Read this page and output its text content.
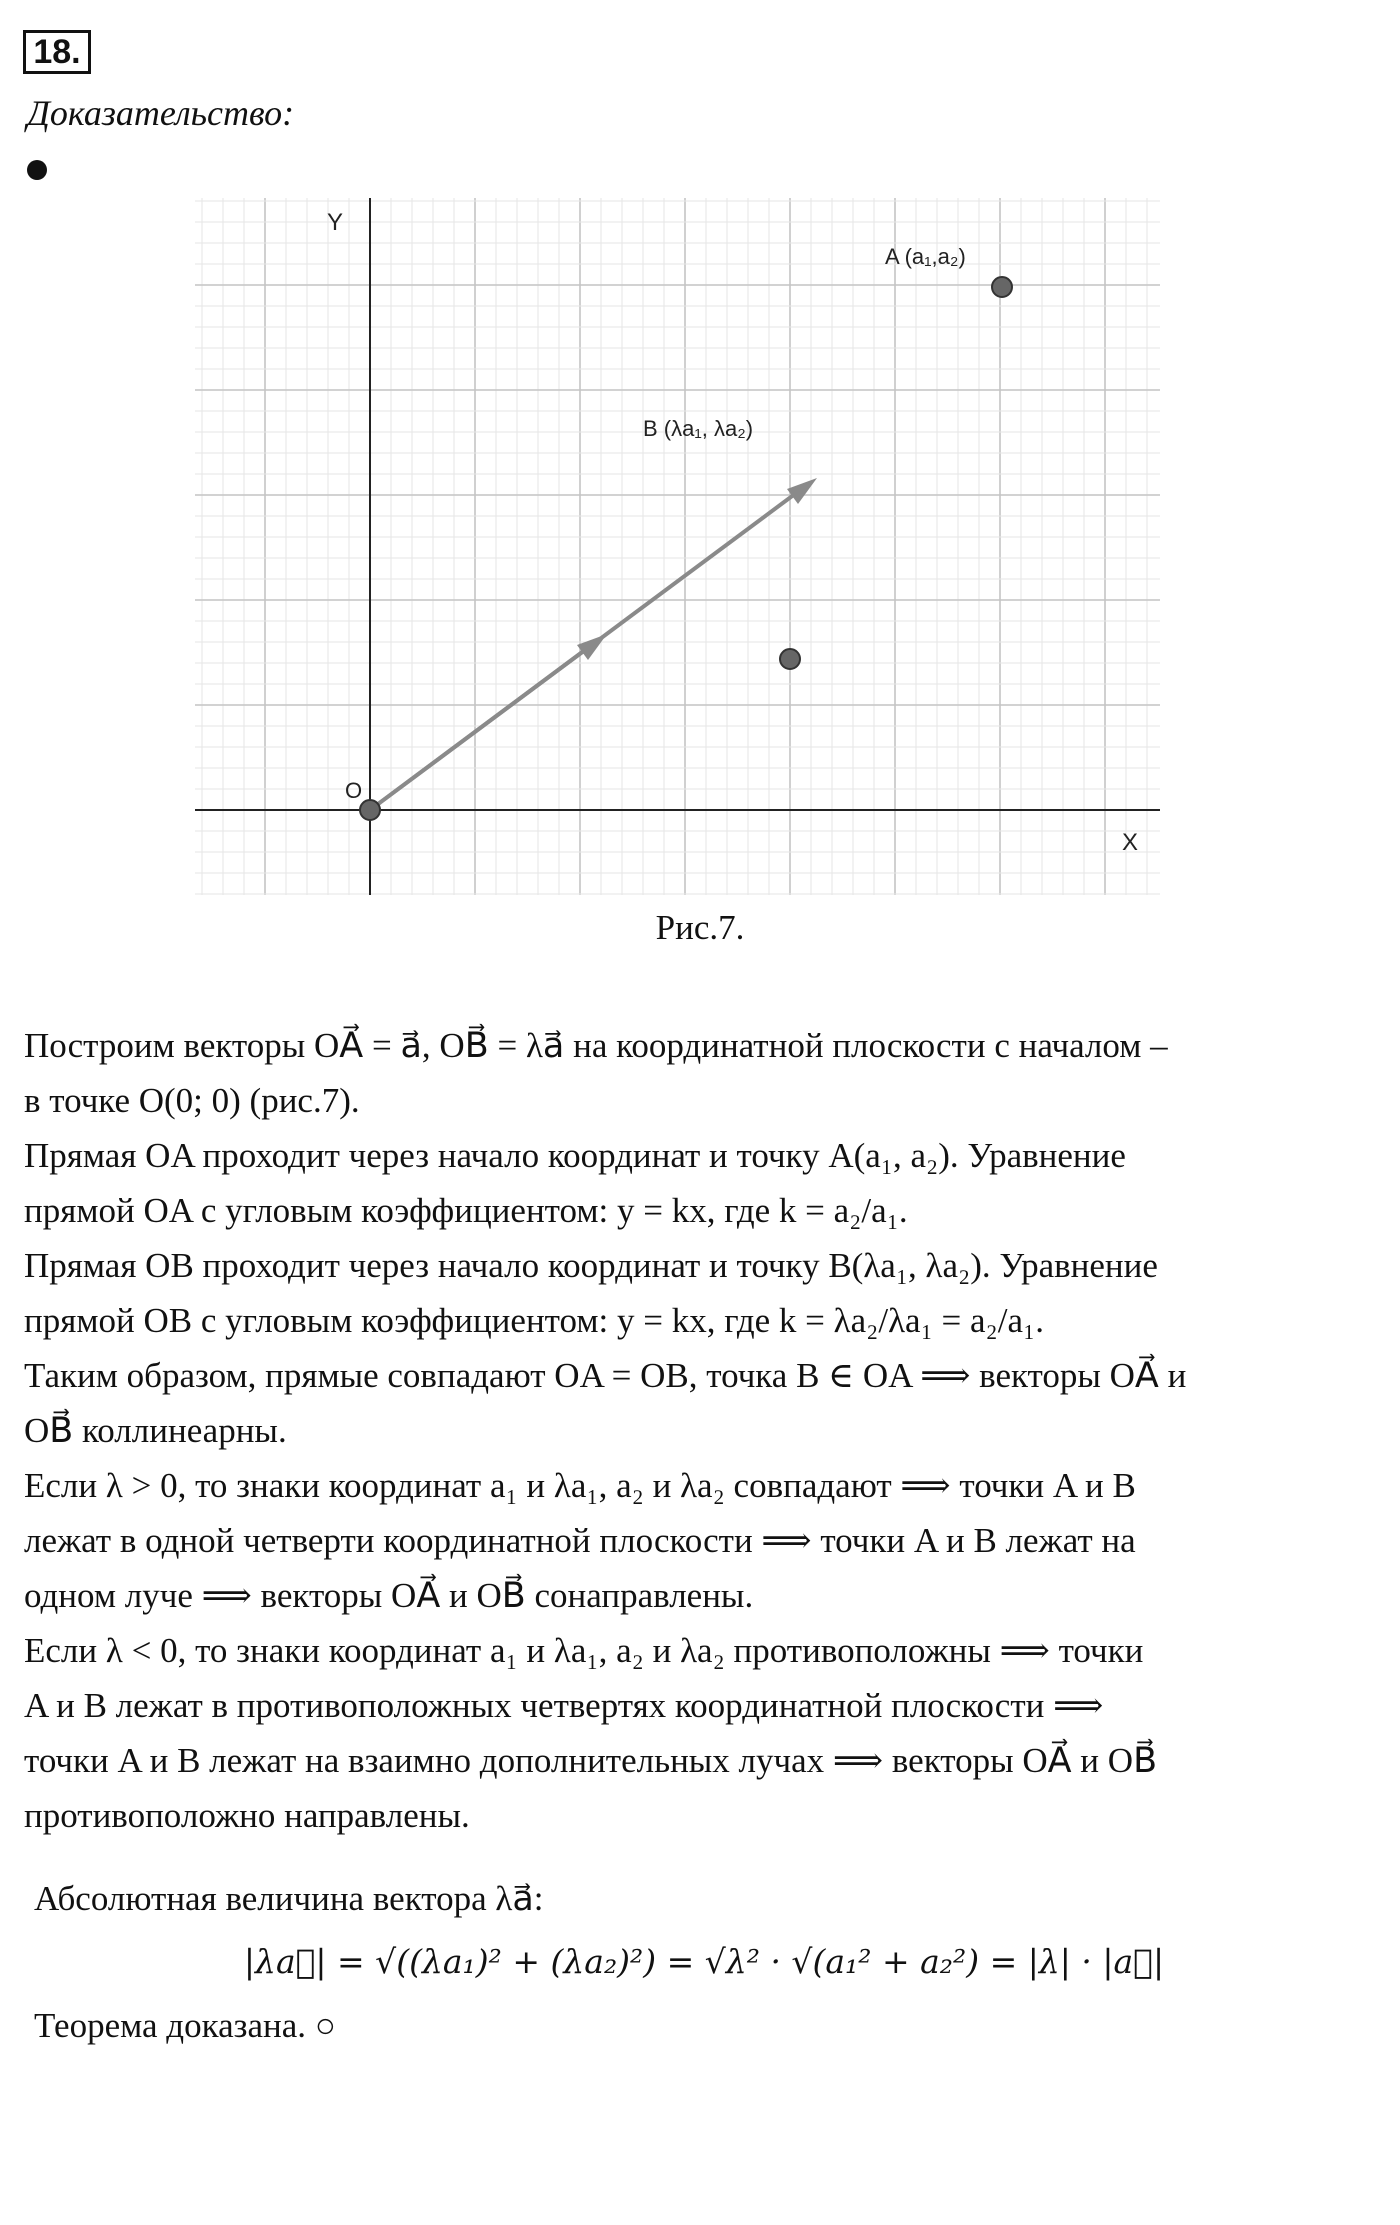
18.
Доказательство:
Y
X
O
A (a₁,a₂)
B (λa₁, λa₂)
Рис.7.

Построим векторы OA⃗ = a⃗, OB⃗ = λa⃗ на координатной плоскости с началом –

в точке O(0; 0) (рис.7).

Прямая OA проходит через начало координат и точку A(a₁, a₂). Уравнение

прямой OA с угловым коэффициентом: y = kx, где k = a₂/a₁.

Прямая OB проходит через начало координат и точку B(λa₁, λa₂). Уравнение

прямой OB с угловым коэффициентом: y = kx, где k = λa₂/λa₁ = a₂/a₁.

Таким образом, прямые совпадают OA = OB, точка B ∈ OA ⟹ векторы OA⃗ и

OB⃗ коллинеарны.

Если λ > 0, то знаки координат a₁ и λa₁, a₂ и λa₂ совпадают ⟹ точки A и B

лежат в одной четверти координатной плоскости ⟹ точки A и B лежат на

одном луче ⟹ векторы OA⃗ и OB⃗ сонаправлены.

Если λ < 0, то знаки координат a₁ и λa₁, a₂ и λa₂ противоположны ⟹ точки

A и B лежат в противоположных четвертях координатной плоскости ⟹

точки A и B лежат на взаимно дополнительных лучах ⟹ векторы OA⃗ и OB⃗

противоположно направлены.

Абсолютная величина вектора λa⃗:

|λa⃗| = √((λa₁)² + (λa₂)²) = √λ² · √(a₁² + a₂²) = |λ| · |a⃗|

Теорема доказана. ○
